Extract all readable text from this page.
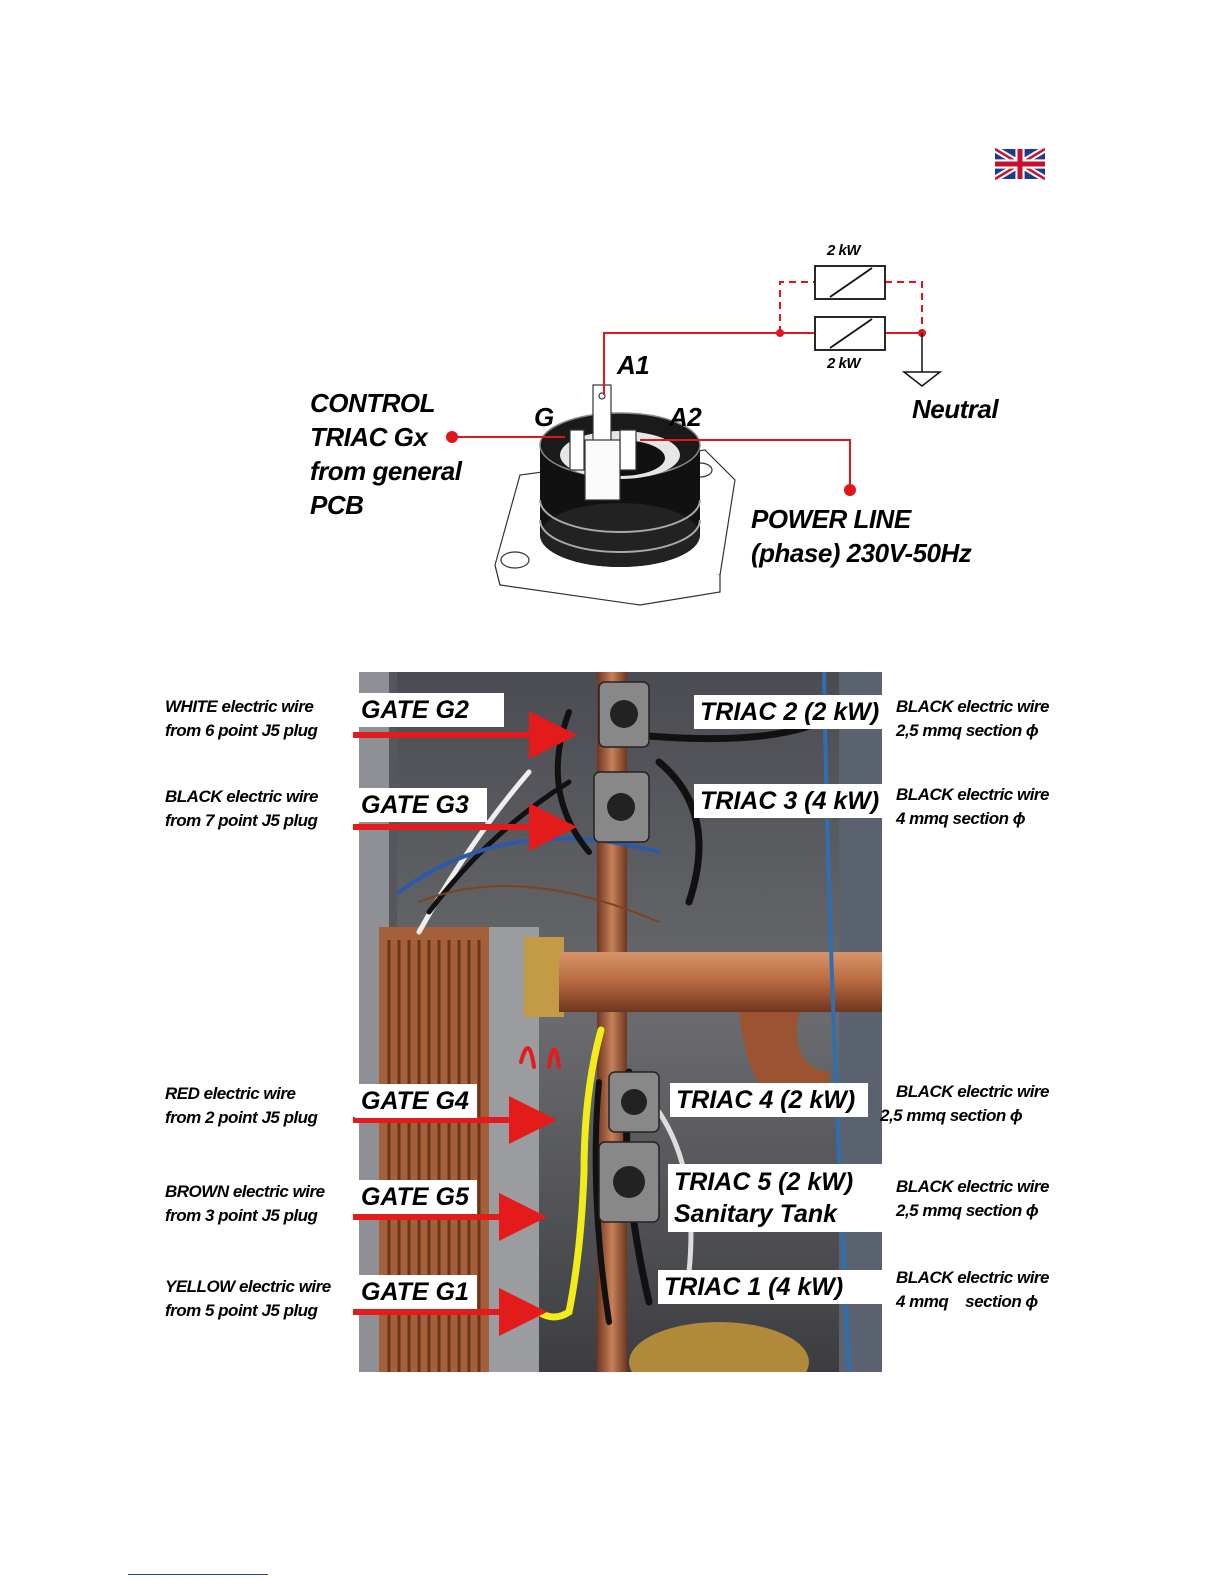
2 kW
2 kW
A1
G	A2	Neutral
CONTROL
TRIAC Gx
from general
PCB	POWER LINE
(phase) 230V-50Hz
GATE G2
GATE G3
GATE G4
GATE G5
GATE G1
TRIAC 2 (2 kW)
TRIAC 3 (4 kW)
TRIAC 4 (2 kW)
TRIAC 5 (2 kW)
Sanitary Tank
TRIAC 1 (4 kW)
WHITE electric wire
from 6 point J5 plug
BLACK electric wire
from 7 point J5 plug
RED electric wire
from 2 point J5 plug
BROWN electric wire
from 3 point J5 plug
YELLOW electric wire
from 5 point J5 plug
BLACK electric wire
2,5 mmq section ϕ
BLACK electric wire
4 mmq section ϕ
BLACK electric wire
2,5 mmq section ϕ
BLACK electric wire
2,5 mmq section ϕ
BLACK electric wire
4 mmq    section ϕ
